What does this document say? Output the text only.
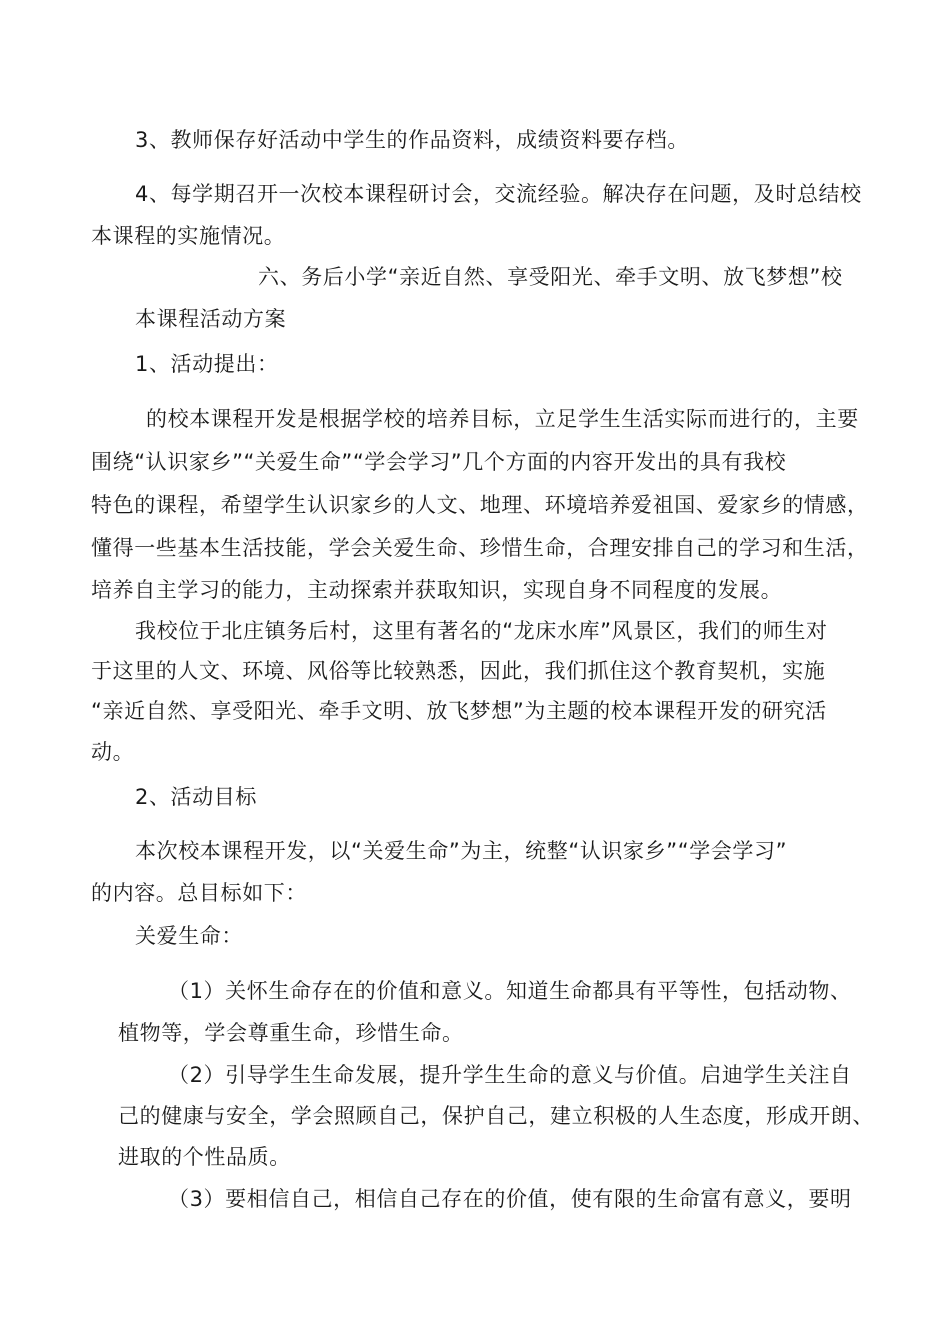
3、教师保存好活动中学生的作品资料，成绩资料要存档。
4、每学期召开一次校本课程研讨会，交流经验。解决存在问题，及时总结校
本课程的实施情况。
六、务后小学“亲近自然、享受阳光、牵手文明、放飞梦想”校
本课程活动方案
1、活动提出：
的校本课程开发是根据学校的培养目标，立足学生生活实际而进行的，主要
围绕“认识家乡”“关爱生命”“学会学习”几个方面的内容开发出的具有我校
特色的课程，希望学生认识家乡的人文、地理、环境培养爱祖国、爱家乡的情感，
懂得一些基本生活技能，学会关爱生命、珍惜生命，合理安排自己的学习和生活，
培养自主学习的能力，主动探索并获取知识，实现自身不同程度的发展。
我校位于北庄镇务后村，这里有著名的“龙床水库”风景区，我们的师生对
于这里的人文、环境、风俗等比较熟悉，因此，我们抓住这个教育契机，实施
“亲近自然、享受阳光、牵手文明、放飞梦想”为主题的校本课程开发的研究活
动。
2、活动目标
本次校本课程开发，以“关爱生命”为主，统整“认识家乡”“学会学习”
的内容。总目标如下：
关爱生命：
（1）关怀生命存在的价值和意义。知道生命都具有平等性，包括动物、
植物等，学会尊重生命，珍惜生命。
（2）引导学生生命发展，提升学生生命的意义与价值。启迪学生关注自
己的健康与安全，学会照顾自己，保护自己，建立积极的人生态度，形成开朗、
进取的个性品质。
（3）要相信自己，相信自己存在的价值，使有限的生命富有意义，要明
